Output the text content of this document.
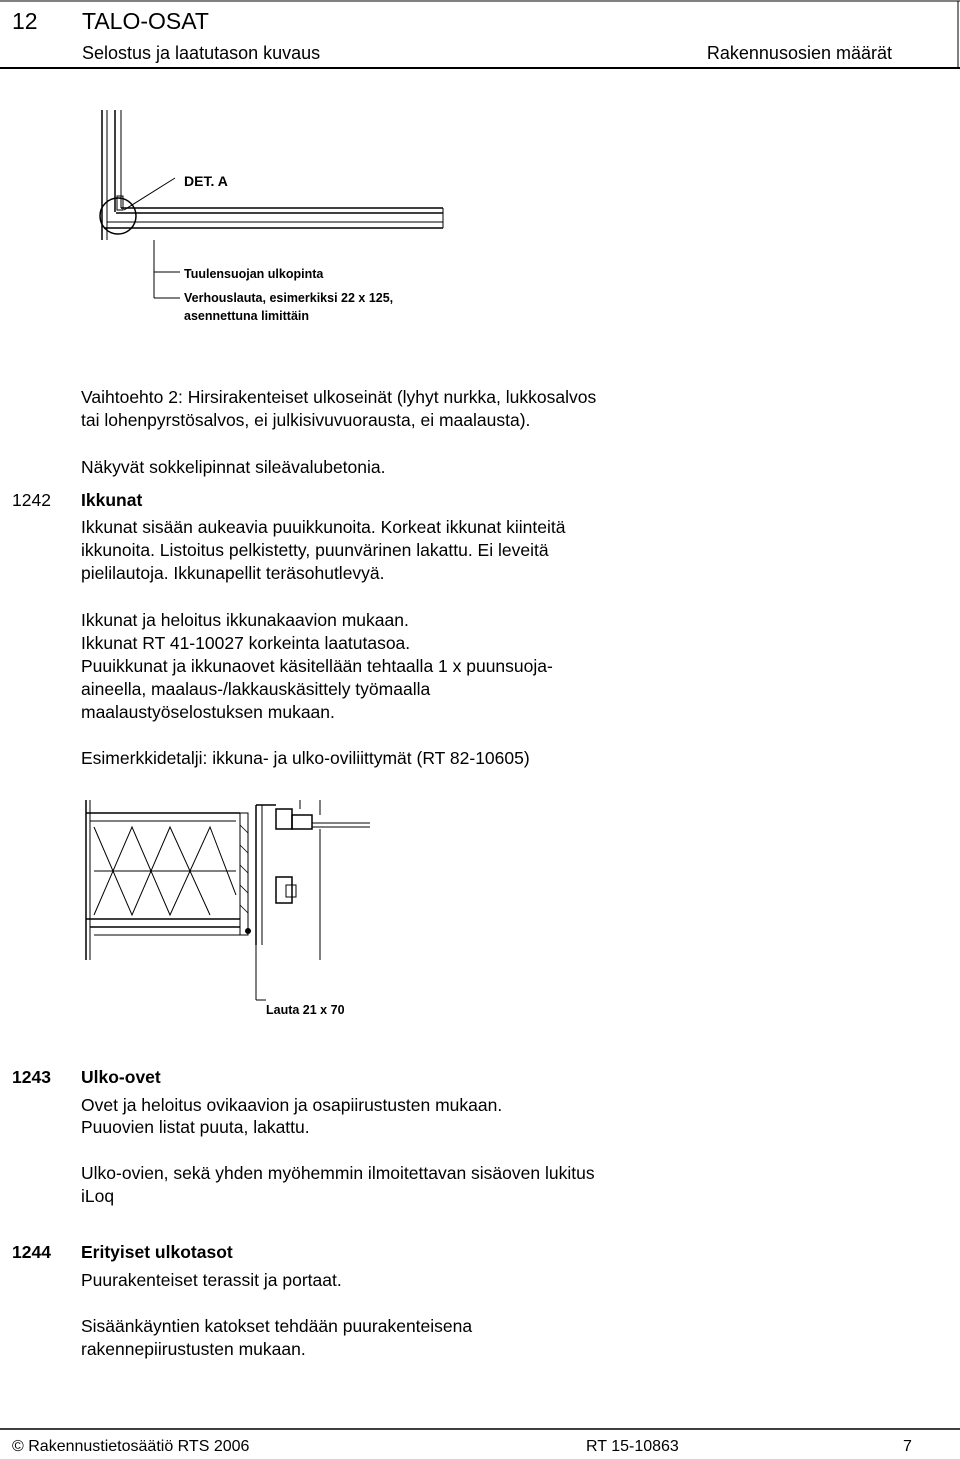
12 TALO-OSAT
Selostus ja laatutason kuvaus	Rakennusosien määrät
DET. A
Tuulensuojan ulkopinta
Verhouslauta, esimerkiksi 22 x 125,
asennettuna limittäin
Vaihtoehto 2: Hirsirakenteiset ulkoseinät (lyhyt nurkka, lukkosalvos
tai lohenpyrstösalvos, ei julkisivuvuorausta, ei maalausta).
Näkyvät sokkelipinnat sileävalubetonia.
1242 Ikkunat
Ikkunat sisään aukeavia puuikkunoita. Korkeat ikkunat kiinteitä
ikkunoita. Listoitus pelkistetty, puunvärinen lakattu. Ei leveitä
pielilautoja. Ikkunapellit teräsohutlevyä.
Ikkunat ja heloitus ikkunakaavion mukaan.
Ikkunat RT 41-10027 korkeinta laatutasoa.
Puuikkunat ja ikkunaovet käsitellään tehtaalla 1 x puunsuoja-
aineella, maalaus-/lakkauskäsittely työmaalla
maalaustyöselostuksen mukaan.
Esimerkkidetalji: ikkuna- ja ulko-oviliittymät (RT 82-10605)
Lauta 21 x 70
1243 Ulko-ovet
Ovet ja heloitus ovikaavion ja osapiirustusten mukaan.
Puuovien listat puuta, lakattu.
Ulko-ovien, sekä yhden myöhemmin ilmoitettavan sisäoven lukitus
iLoq
1244 Erityiset ulkotasot
Puurakenteiset terassit ja portaat.
Sisäänkäyntien katokset tehdään puurakenteisena
rakennepiirustusten mukaan.
© Rakennustietosäätiö RTS 2006	RT 15-10863	7
